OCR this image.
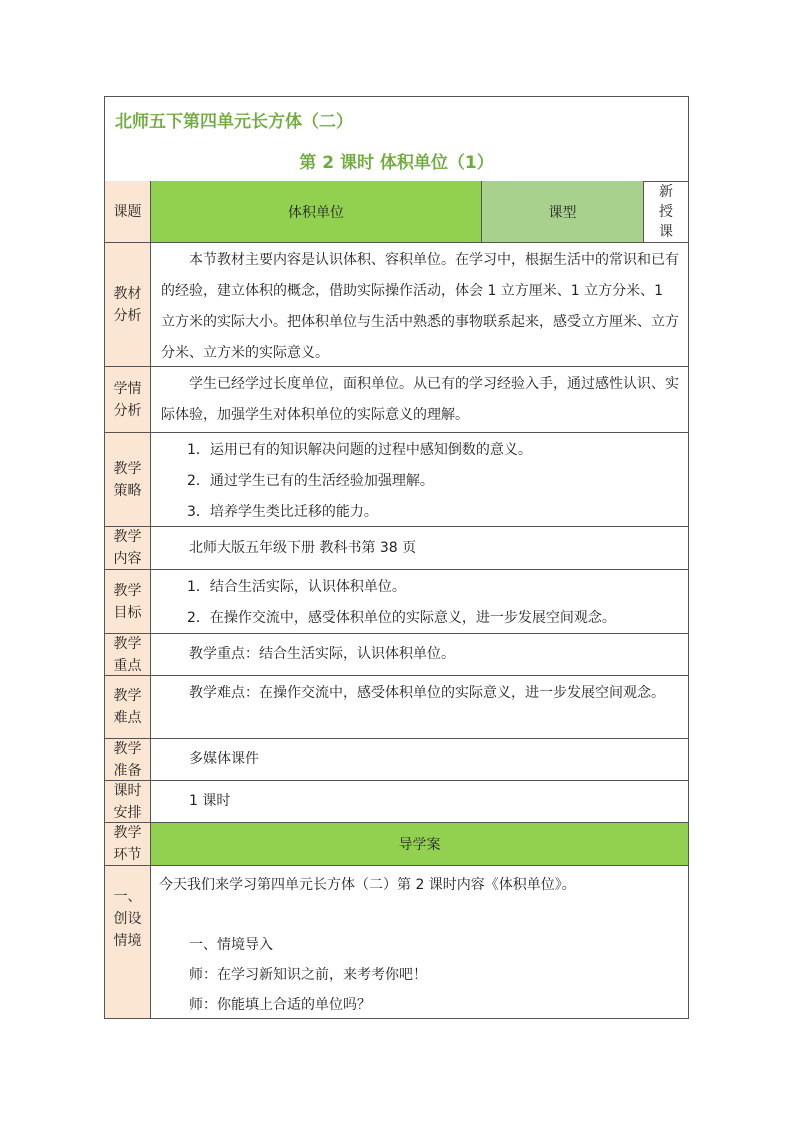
北师五下第四单元长方体（二）
第 2 课时 体积单位（1）
课题	体积单位	课型
新
授
课
教材
分析

本节教材主要内容是认识体积、容积单位。在学习中，根据生活中的常识和已有的经验，建立体积的概念，借助实际操作活动，体会 1 立方厘米、1 立方分米、1 立方米的实际大小。把体积单位与生活中熟悉的事物联系起来，感受立方厘米、立方分米、立方米的实际意义。

学情
分析

学生已经学过长度单位，面积单位。从已有的学习经验入手，通过感性认识、实际体验，加强学生对体积单位的实际意义的理解。

教学
策略

1．运用已有的知识解决问题的过程中感知倒数的意义。

2．通过学生已有的生活经验加强理解。

3．培养学生类比迁移的能力。

教学
内容

北师大版五年级下册 教科书第 38 页

教学
目标

1．结合生活实际，认识体积单位。

2．在操作交流中，感受体积单位的实际意义，进一步发展空间观念。

教学
重点

教学重点：结合生活实际，认识体积单位。

教学
难点

教学难点：在操作交流中，感受体积单位的实际意义，进一步发展空间观念。

教学
准备

多媒体课件

课时
安排

1 课时

教学
环节
导学案
一、
创设
情境

今天我们来学习第四单元长方体（二）第 2 课时内容《体积单位》。

一、情境导入

师：在学习新知识之前，来考考你吧！

师：你能填上合适的单位吗？
